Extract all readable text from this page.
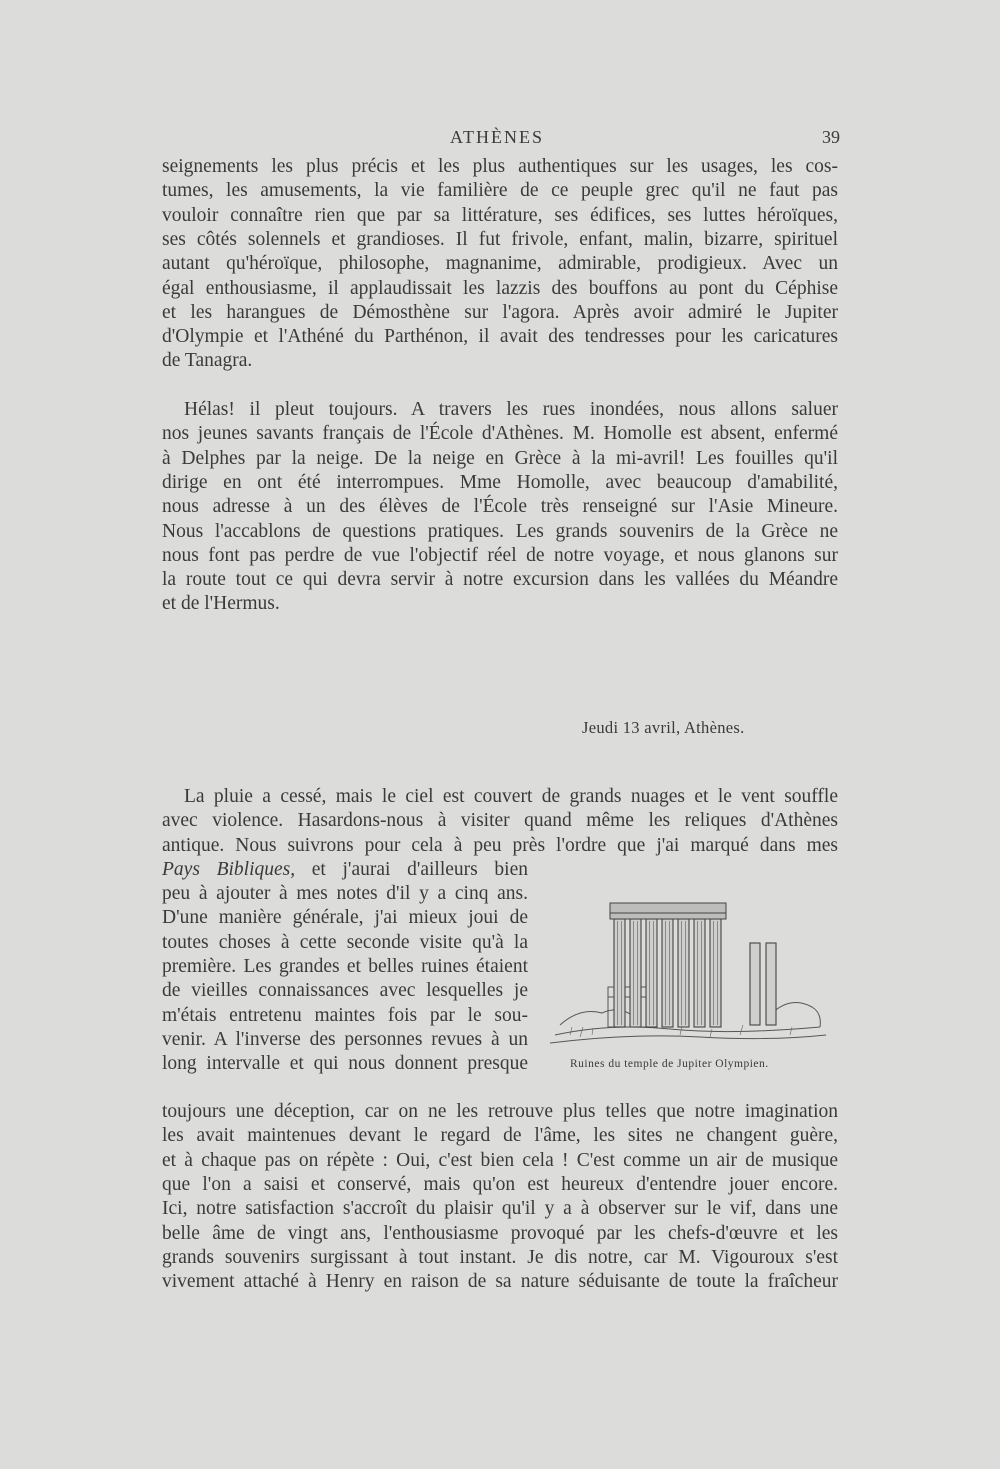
ATHÈNES	39
seignements les plus précis et les plus authentiques sur les usages, les cos-
tumes, les amusements, la vie familière de ce peuple grec qu'il ne faut pas
vouloir connaître rien que par sa littérature, ses édifices, ses luttes héroïques,
ses côtés solennels et grandioses. Il fut frivole, enfant, malin, bizarre, spirituel
autant qu'héroïque, philosophe, magnanime, admirable, prodigieux. Avec un
égal enthousiasme, il applaudissait les lazzis des bouffons au pont du Céphise
et les harangues de Démosthène sur l'agora. Après avoir admiré le Jupiter
d'Olympie et l'Athéné du Parthénon, il avait des tendresses pour les caricatures
de Tanagra.
Hélas! il pleut toujours. A travers les rues inondées, nous allons saluer
nos jeunes savants français de l'École d'Athènes. M. Homolle est absent, enfermé
à Delphes par la neige. De la neige en Grèce à la mi-avril! Les fouilles qu'il
dirige en ont été interrompues. Mme Homolle, avec beaucoup d'amabilité,
nous adresse à un des élèves de l'École très renseigné sur l'Asie Mineure.
Nous l'accablons de questions pratiques. Les grands souvenirs de la Grèce ne
nous font pas perdre de vue l'objectif réel de notre voyage, et nous glanons sur
la route tout ce qui devra servir à notre excursion dans les vallées du Méandre
et de l'Hermus.
Jeudi 13 avril, Athènes.
Pays Bibliques, et j'aurai d'ailleurs bien
La pluie a cessé, mais le ciel est couvert de grands nuages et le vent souffle
avec violence. Hasardons-nous à visiter quand même les reliques d'Athènes
antique. Nous suivrons pour cela à peu près l'ordre que j'ai marqué dans mes
peu à ajouter à mes notes d'il y a cinq ans.
D'une manière générale, j'ai mieux joui de
toutes choses à cette seconde visite qu'à la
première. Les grandes et belles ruines étaient
de vieilles connaissances avec lesquelles je
m'étais entretenu maintes fois par le sou-
venir. A l'inverse des personnes revues à un
long intervalle et qui nous donnent presque
toujours une déception, car on ne les retrouve plus telles que notre imagination
les avait maintenues devant le regard de l'âme, les sites ne changent guère,
et à chaque pas on répète : Oui, c'est bien cela ! C'est comme un air de musique
que l'on a saisi et conservé, mais qu'on est heureux d'entendre jouer encore.
Ici, notre satisfaction s'accroît du plaisir qu'il y a à observer sur le vif, dans une
belle âme de vingt ans, l'enthousiasme provoqué par les chefs-d'œuvre et les
grands souvenirs surgissant à tout instant. Je dis notre, car M. Vigouroux s'est
vivement attaché à Henry en raison de sa nature séduisante de toute la fraîcheur
Ruines du temple de Jupiter Olympien.
